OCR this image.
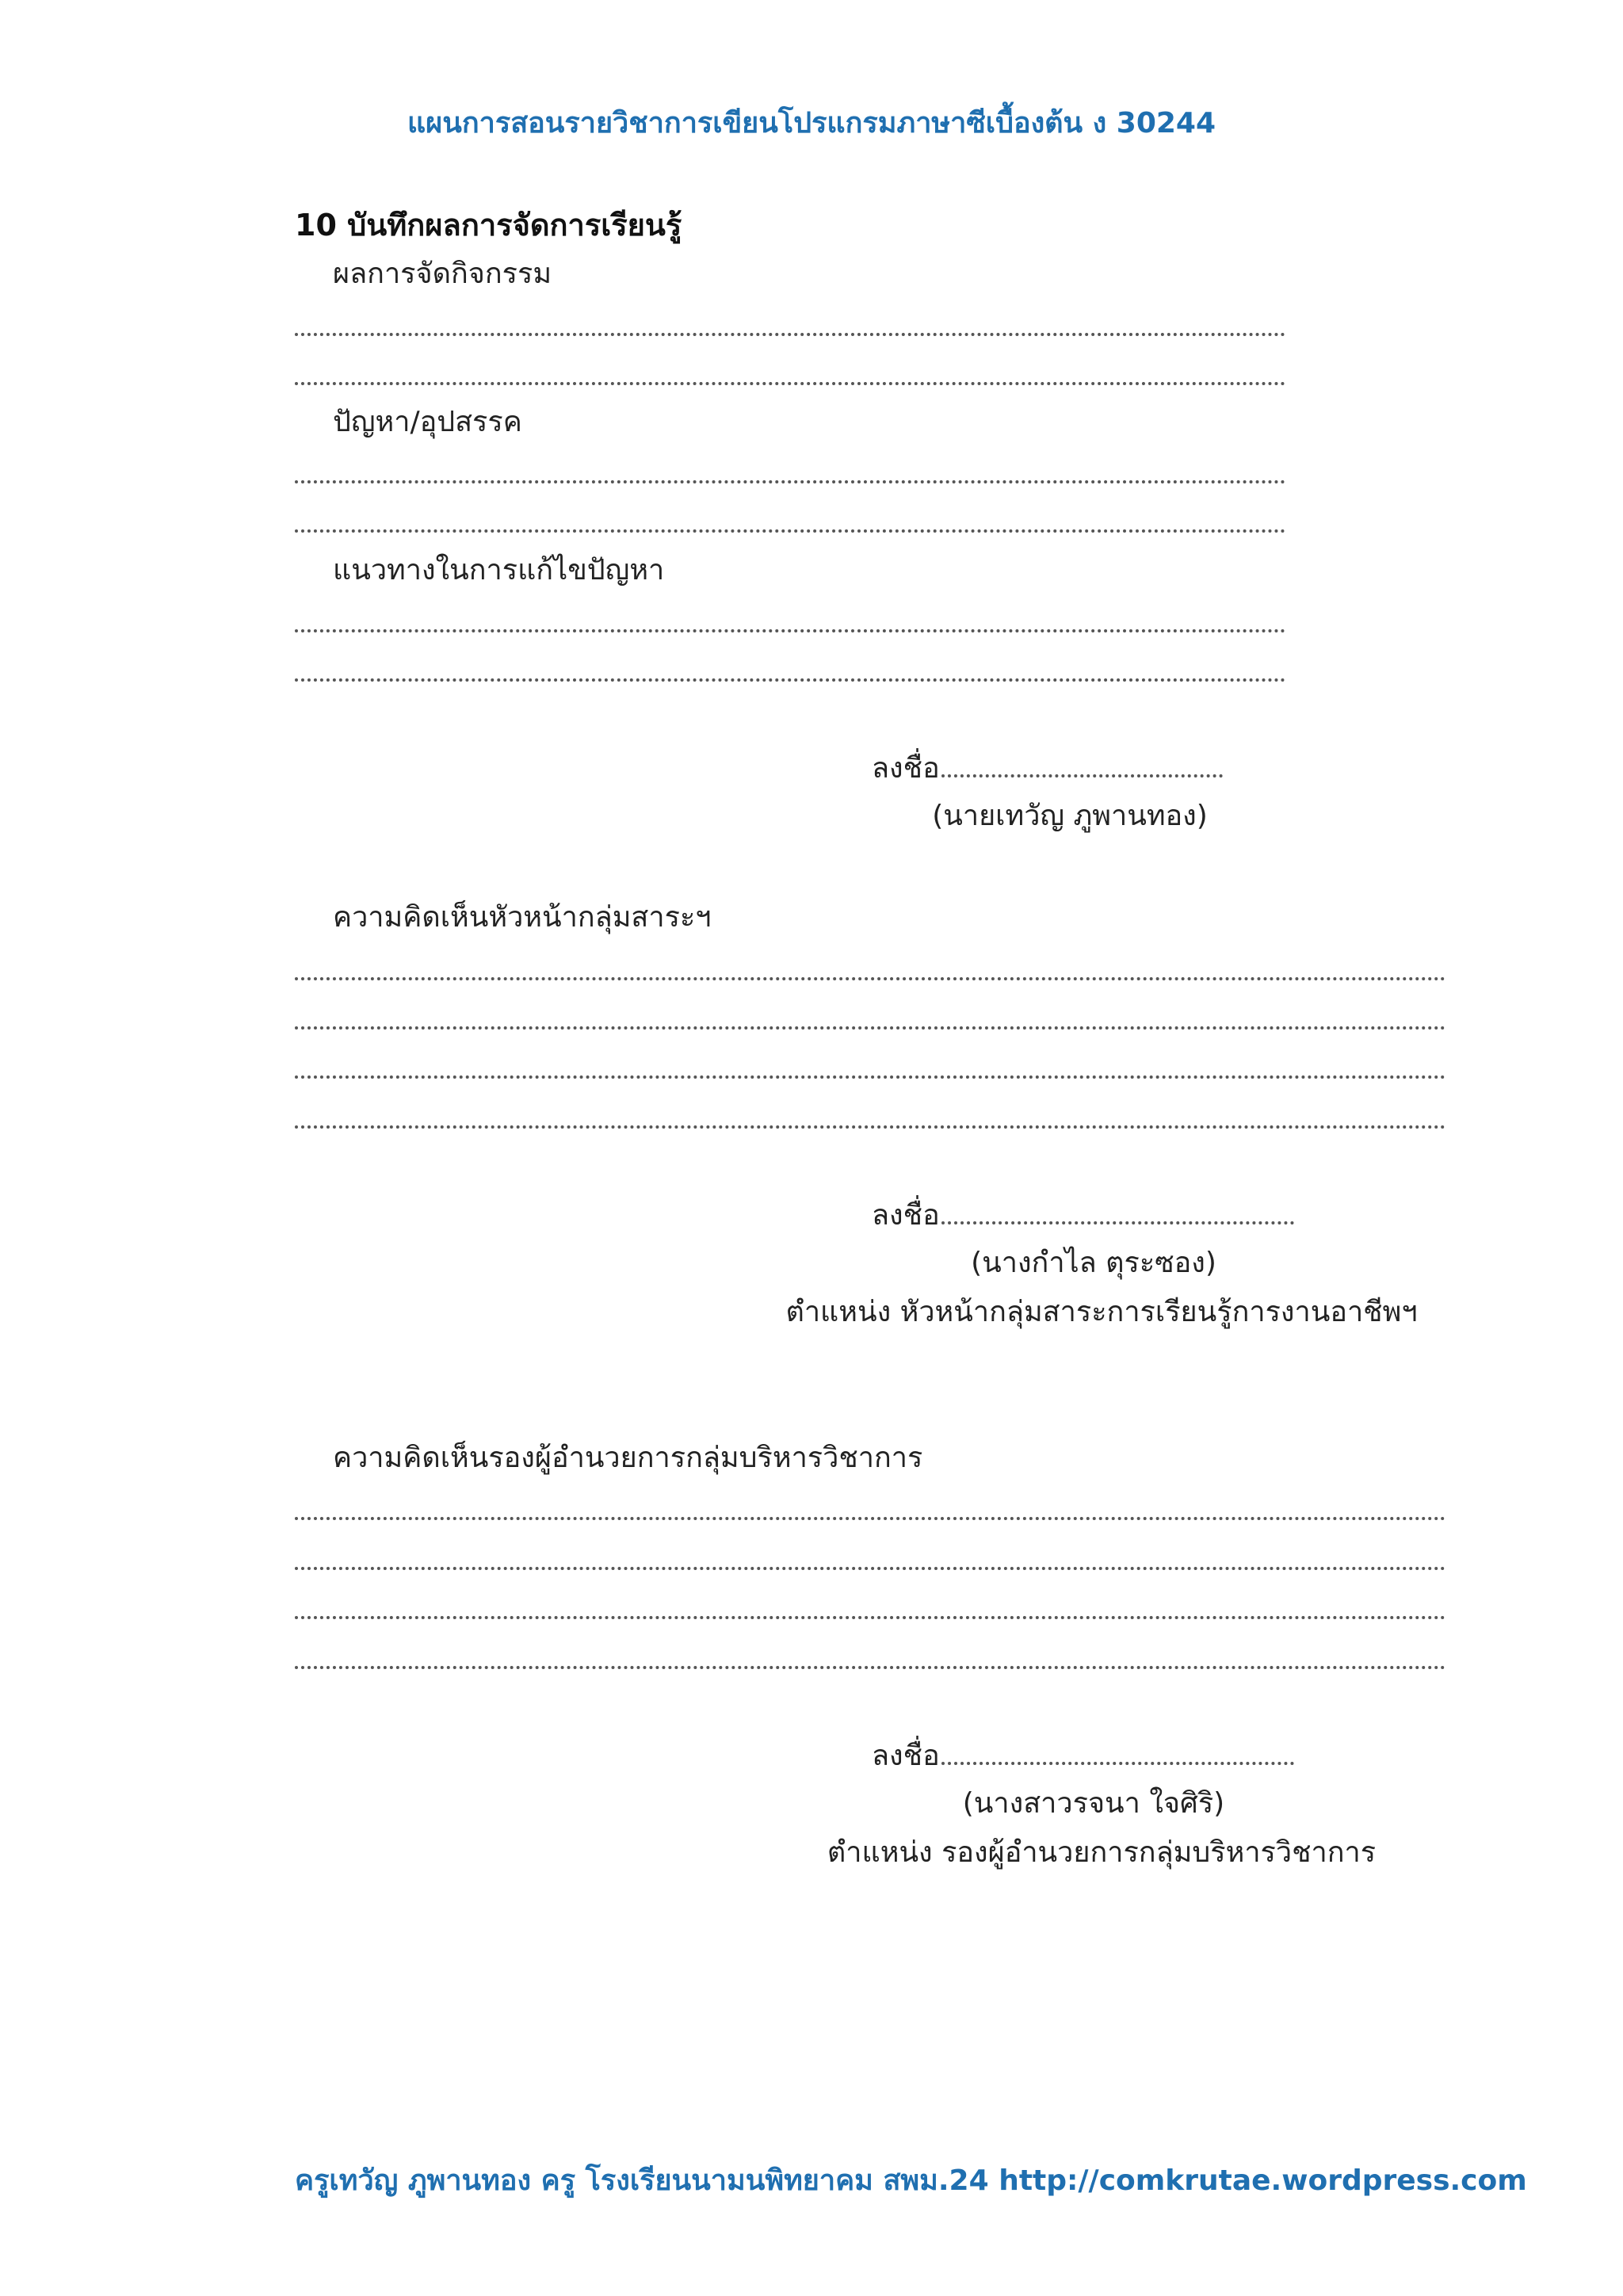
แผนการสอนรายวิชาการเขียนโปรแกรมภาษาซีเบื้องต้น ง 30244
10 บันทึกผลการจัดการเรียนรู้
ผลการจัดกิจกรรม
ปัญหา/อุปสรรค
แนวทางในการแก้ไขปัญหา
ลงชื่อ
(นายเทวัญ ภูพานทอง)
ความคิดเห็นหัวหน้ากลุ่มสาระฯ
ลงชื่อ
(นางกำไล ตุระซอง)
ตำแหน่ง หัวหน้ากลุ่มสาระการเรียนรู้การงานอาชีพฯ
ความคิดเห็นรองผู้อำนวยการกลุ่มบริหารวิชาการ
ลงชื่อ
(นางสาวรจนา ใจศิริ)
ตำแหน่ง รองผู้อำนวยการกลุ่มบริหารวิชาการ
ครูเทวัญ ภูพานทอง ครู โรงเรียนนามนพิทยาคม สพม.24 http://comkrutae.wordpress.com
